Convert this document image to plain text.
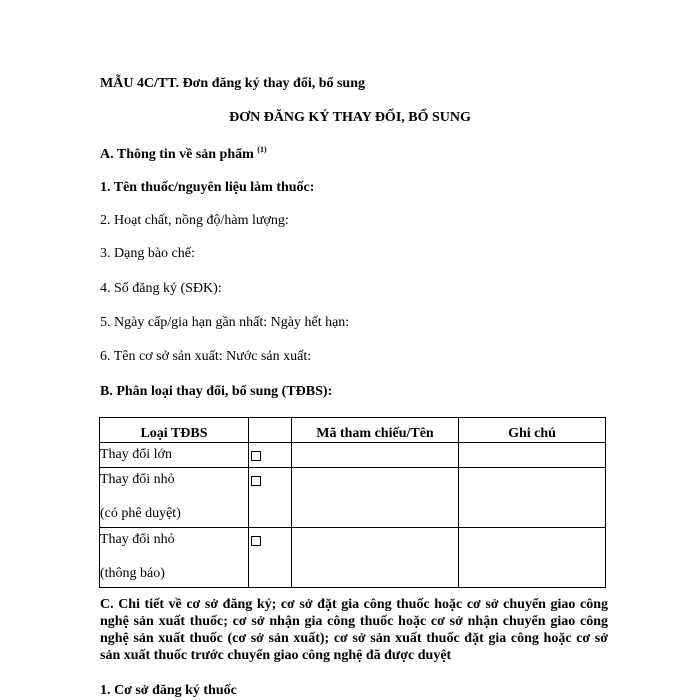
MẪU 4C/TT. Đơn đăng ký thay đổi, bổ sung
ĐƠN ĐĂNG KÝ THAY ĐỔI, BỔ SUNG
A. Thông tin về sản phẩm $^{(1)}$
1. Tên thuốc/nguyên liệu làm thuốc:
2. Hoạt chất, nồng độ/hàm lượng:
3. Dạng bào chế:
4. Số đăng ký (SĐK):
5. Ngày cấp/gia hạn gần nhất: Ngày hết hạn:
6. Tên cơ sở sản xuất: Nước sản xuất:
B. Phân loại thay đổi, bổ sung (TĐBS):
Loại TĐBS		Mã tham chiếu/Tên	Ghi chú

Thay đổi lớn			

Thay đổi nhỏ
(có phê duyệt)			

Thay đổi nhỏ
(thông báo)			

C. Chi tiết về cơ sở đăng ký; cơ sở đặt gia công thuốc hoặc cơ sở chuyển giao công nghệ sản xuất thuốc; cơ sở nhận gia công thuốc hoặc cơ sở nhận chuyển giao công nghệ sản xuất thuốc (cơ sở sản xuất); cơ sở sản xuất thuốc đặt gia công hoặc cơ sở sản xuất thuốc trước chuyển giao công nghệ đã được duyệt
1. Cơ sở đăng ký thuốc
